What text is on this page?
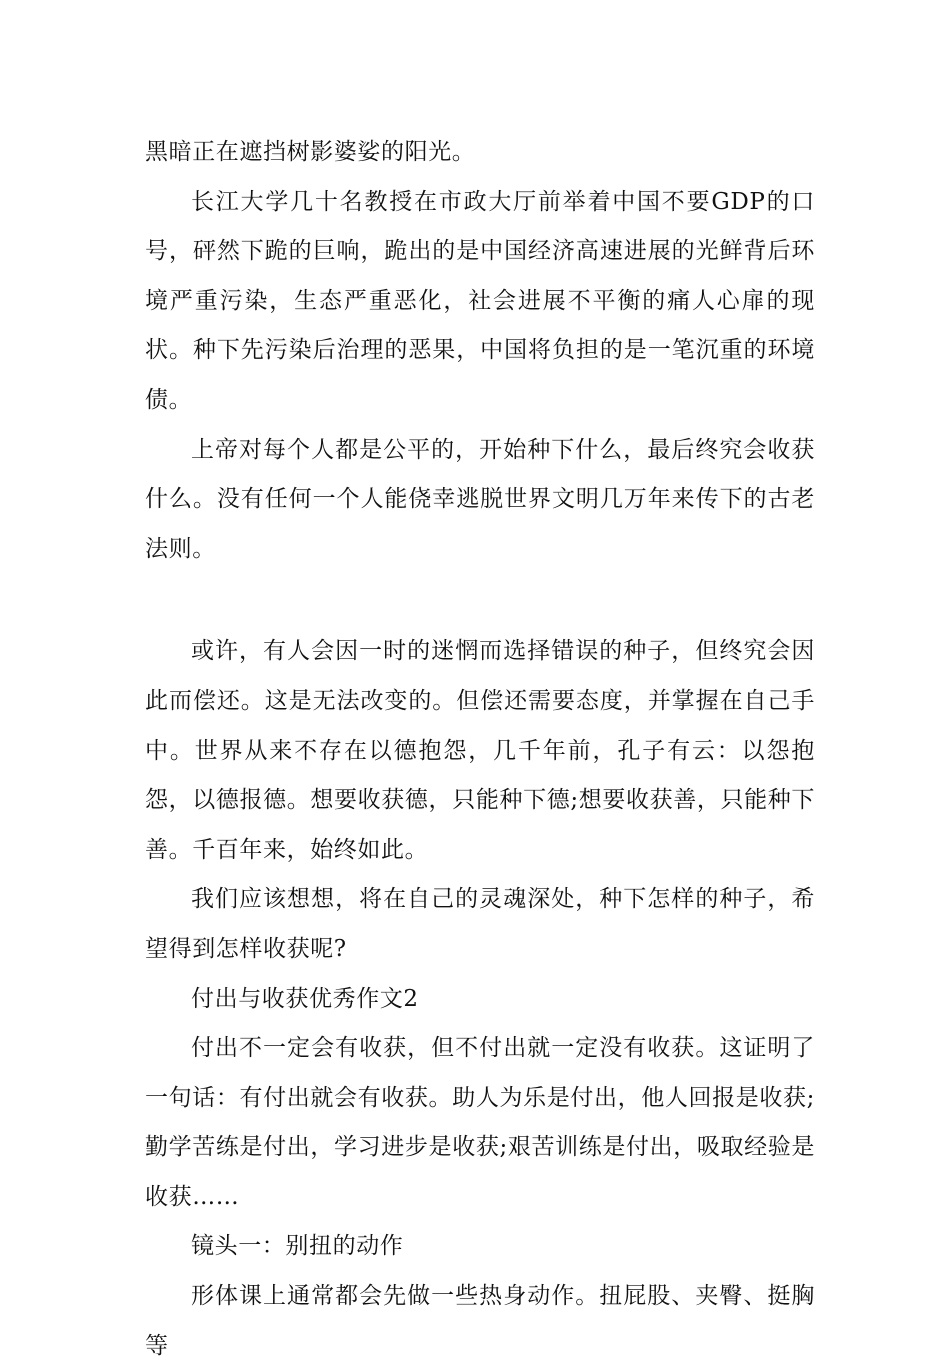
黑暗正在遮挡树影婆娑的阳光。

长江大学几十名教授在市政大厅前举着中国不要GDP的口号，砰然下跪的巨响，跪出的是中国经济高速进展的光鲜背后环境严重污染，生态严重恶化，社会进展不平衡的痛人心扉的现状。种下先污染后治理的恶果，中国将负担的是一笔沉重的环境债。

上帝对每个人都是公平的，开始种下什么，最后终究会收获什么。没有任何一个人能侥幸逃脱世界文明几万年来传下的古老法则。

或许，有人会因一时的迷惘而选择错误的种子，但终究会因此而偿还。这是无法改变的。但偿还需要态度，并掌握在自己手中。世界从来不存在以德抱怨，几千年前，孔子有云：以怨抱怨，以德报德。想要收获德，只能种下德;想要收获善，只能种下善。千百年来，始终如此。

我们应该想想，将在自己的灵魂深处，种下怎样的种子，希望得到怎样收获呢?

付出与收获优秀作文2

付出不一定会有收获，但不付出就一定没有收获。这证明了一句话：有付出就会有收获。助人为乐是付出，他人回报是收获;勤学苦练是付出，学习进步是收获;艰苦训练是付出，吸取经验是收获……

镜头一：别扭的动作

形体课上通常都会先做一些热身动作。扭屁股、夹臀、挺胸等
